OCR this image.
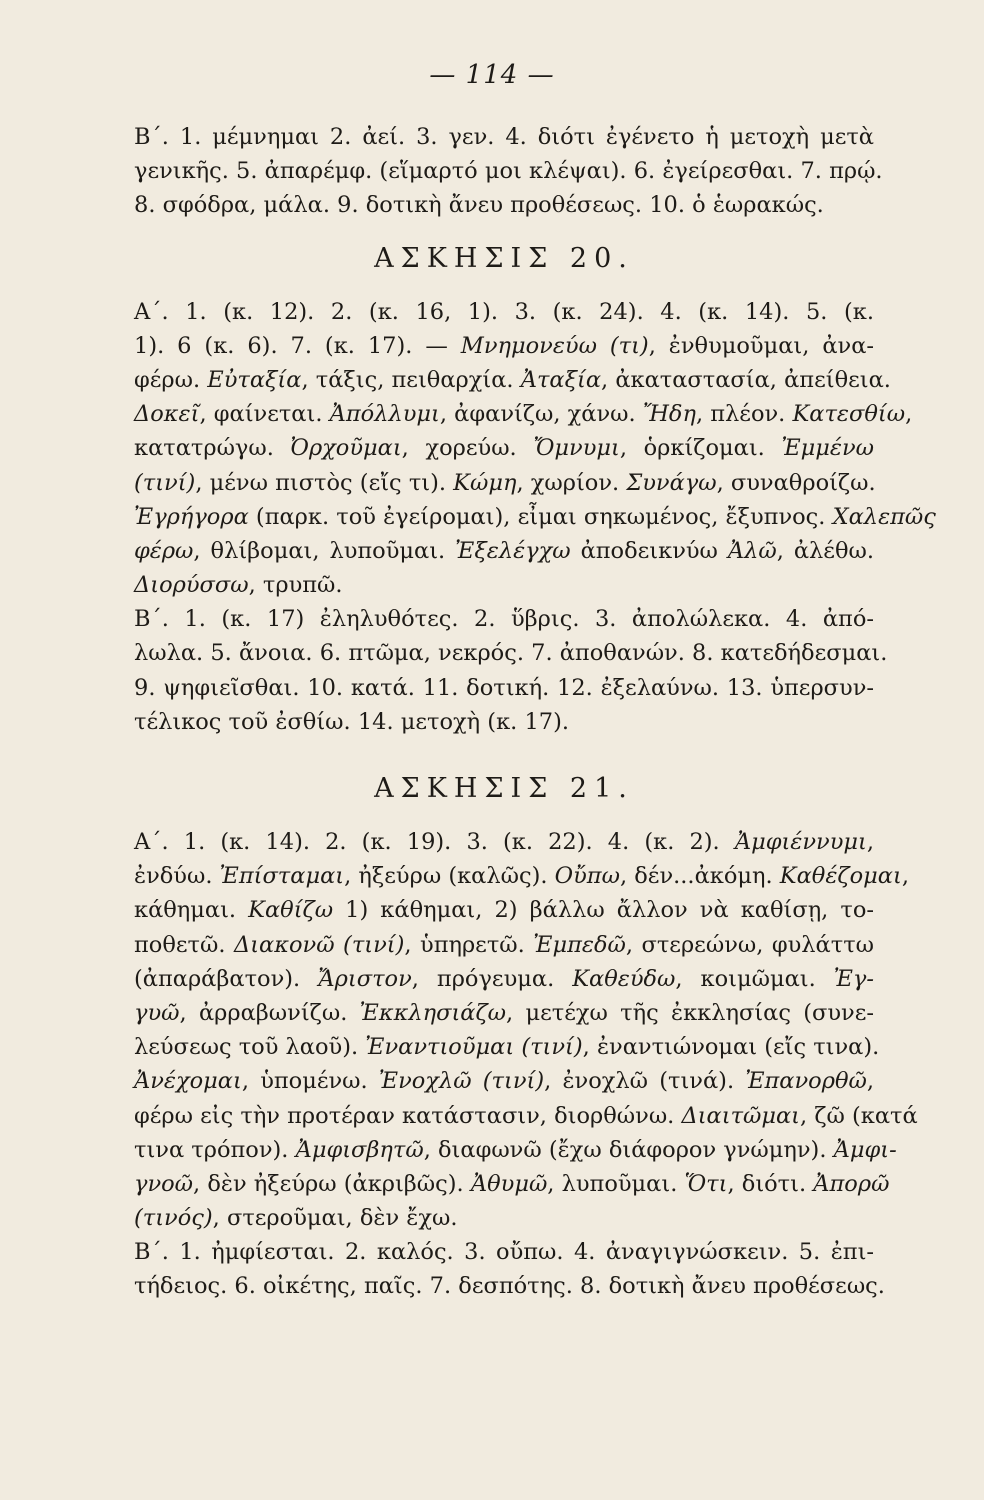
— 114 —
Β΄. 1. μέμνημαι 2. ἀεί. 3. γεν. 4. διότι ἐγένετο ἡ μετοχὴ μετὰ
γενικῆς. 5. ἀπαρέμφ. (εἵμαρτό μοι κλέψαι). 6. ἐγείρεσθαι. 7. πρῴ.
8. σφόδρα, μάλα. 9. δοτικὴ ἄνευ προθέσεως. 10. ὁ ἑωρακώς.
ΑΣΚΗΣΙΣ 20.
Α΄. 1. (κ. 12). 2. (κ. 16, 1). 3. (κ. 24). 4. (κ. 14). 5. (κ.
1). 6 (κ. 6). 7. (κ. 17). — Μνημονεύω (τι), ἐνθυμοῦμαι, ἀνα-
φέρω. Εὐταξία, τάξις, πειθαρχία. Ἀταξία, ἀκαταστασία, ἀπείθεια.
Δοκεῖ, φαίνεται. Ἀπόλλυμι, ἀφανίζω, χάνω. Ἤδη, πλέον. Κατεσθίω,
κατατρώγω. Ὀρχοῦμαι, χορεύω. Ὄμνυμι, ὁρκίζομαι. Ἐμμένω
(τινί), μένω πιστὸς (εἴς τι). Κώμη, χωρίον. Συνάγω, συναθροίζω.
Ἐγρήγορα (παρκ. τοῦ ἐγείρομαι), εἶμαι σηκωμένος, ἔξυπνος. Χαλεπῶς
φέρω, θλίβομαι, λυποῦμαι. Ἐξελέγχω ἀποδεικνύω Ἀλῶ, ἀλέθω.
Διορύσσω, τρυπῶ.
Β΄. 1. (κ. 17) ἐληλυθότες. 2. ὕβρις. 3. ἀπολώλεκα. 4. ἀπό-
λωλα. 5. ἄνοια. 6. πτῶμα, νεκρός. 7. ἀποθανών. 8. κατεδήδεσμαι.
9. ψηφιεῖσθαι. 10. κατά. 11. δοτική. 12. ἐξελαύνω. 13. ὑπερσυν-
τέλικος τοῦ ἐσθίω. 14. μετοχὴ (κ. 17).
ΑΣΚΗΣΙΣ 21.
Α΄. 1. (κ. 14). 2. (κ. 19). 3. (κ. 22). 4. (κ. 2). Ἀμφιέννυμι,
ἐνδύω. Ἐπίσταμαι, ἠξεύρω (καλῶς). Οὔπω, δέν...ἀκόμη. Καθέζομαι,
κάθημαι. Καθίζω 1) κάθημαι, 2) βάλλω ἄλλον νὰ καθίσῃ, το-
ποθετῶ. Διακονῶ (τινί), ὑπηρετῶ. Ἐμπεδῶ, στερεώνω, φυλάττω
(ἀπαράβατον). Ἄριστον, πρόγευμα. Καθεύδω, κοιμῶμαι. Ἐγ-
γυῶ, ἀρραβωνίζω. Ἐκκλησιάζω, μετέχω τῆς ἐκκλησίας (συνε-
λεύσεως τοῦ λαοῦ). Ἐναντιοῦμαι (τινί), ἐναντιώνομαι (εἴς τινα).
Ἀνέχομαι, ὑπομένω. Ἐνοχλῶ (τινί), ἐνοχλῶ (τινά). Ἐπανορθῶ,
φέρω εἰς τὴν προτέραν κατάστασιν, διορθώνω. Διαιτῶμαι, ζῶ (κατά
τινα τρόπον). Ἀμφισβητῶ, διαφωνῶ (ἔχω διάφορον γνώμην). Ἀμφι-
γνοῶ, δὲν ἠξεύρω (ἀκριβῶς). Ἀθυμῶ, λυποῦμαι. Ὅτι, διότι. Ἀπορῶ
(τινός), στεροῦμαι, δὲν ἔχω.
Β΄. 1. ἠμφίεσται. 2. καλός. 3. οὔπω. 4. ἀναγιγνώσκειν. 5. ἐπι-
τήδειος. 6. οἰκέτης, παῖς. 7. δεσπότης. 8. δοτικὴ ἄνευ προθέσεως.
